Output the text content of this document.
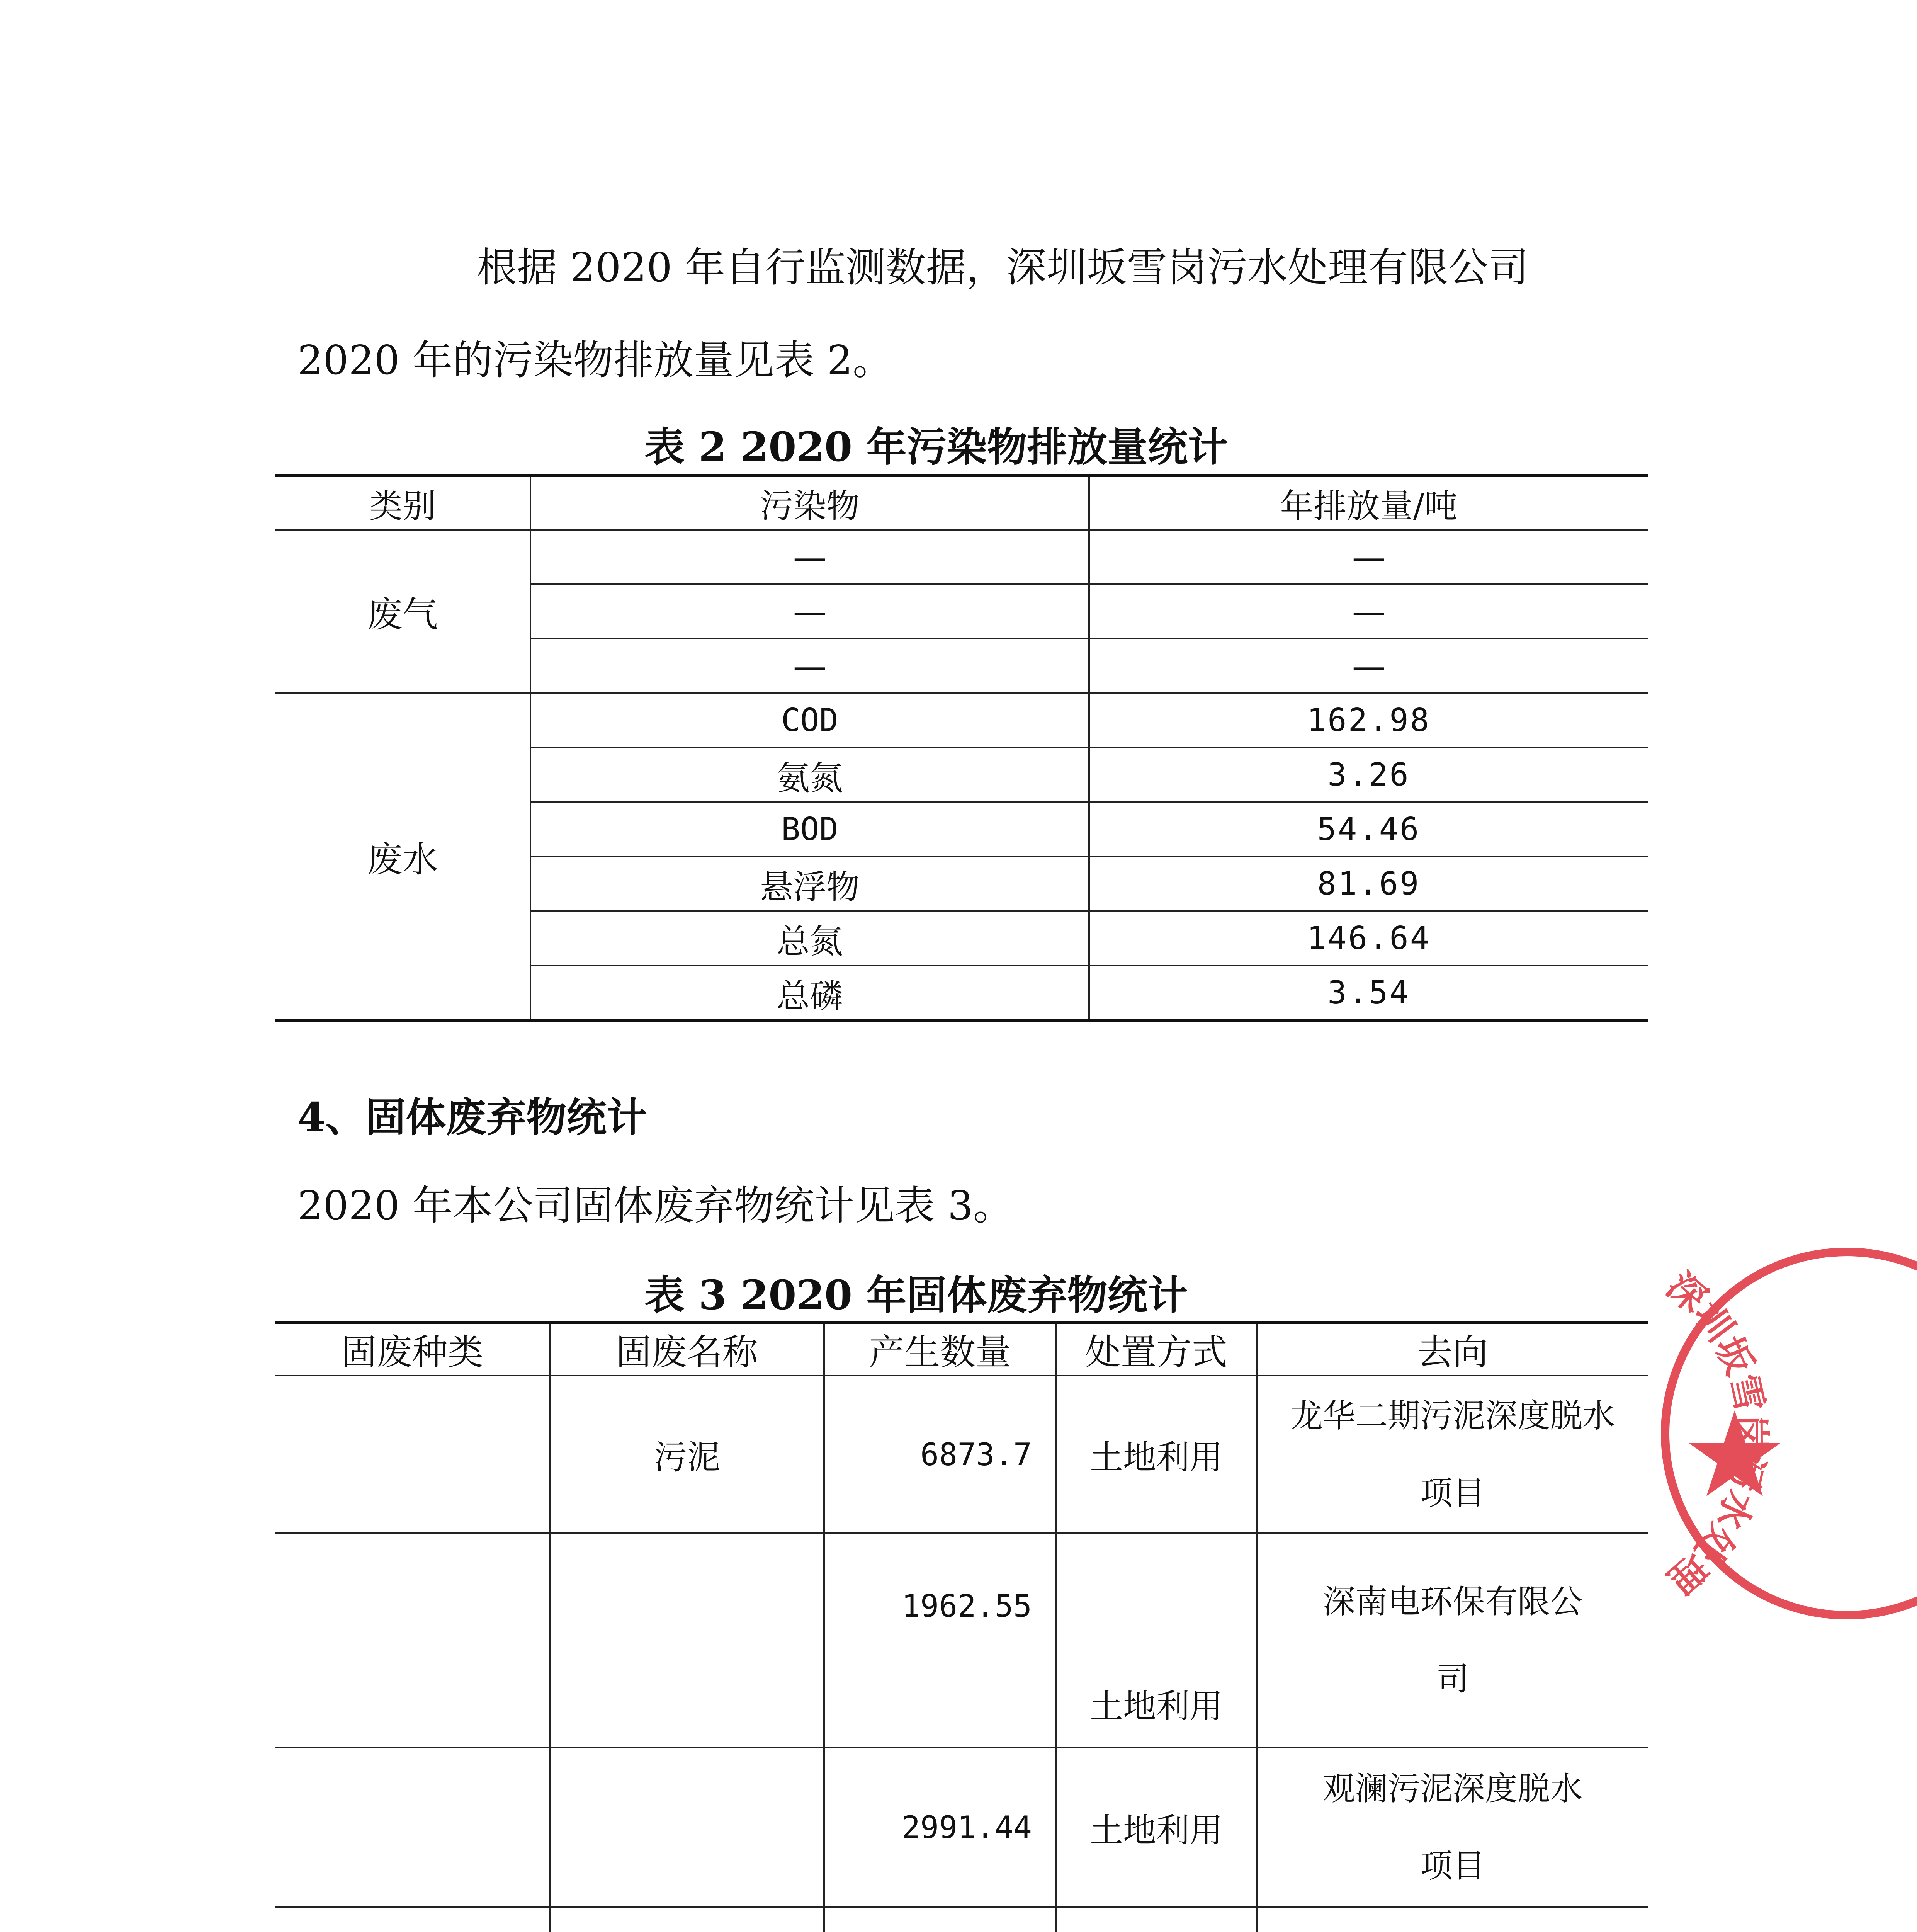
根据 2020 年自行监测数据，深圳坂雪岗污水处理有限公司

2020 年的污染物排放量见表 2。

表 2 2020 年污染物排放量统计

类别	污染物	年排放量/吨
废气	—	—
	—	—
	—	—
废水	COD	162.98
	氨氮	3.26
	BOD	54.46
	悬浮物	81.69
	总氮	146.64
	总磷	3.54

4、固体废弃物统计

2020 年本公司固体废弃物统计见表 3。

表 3 2020 年固体废弃物统计

固废种类	固废名称	产生数量	处置方式	去向
	污泥	6873.7	土地利用	龙华二期污泥深度脱水
项目

		1962.55	土地利用	深南电环保有限公
司

		2991.44	土地利用	观澜污泥深度脱水
项目

深圳坂雪岗污水处理有限公司
